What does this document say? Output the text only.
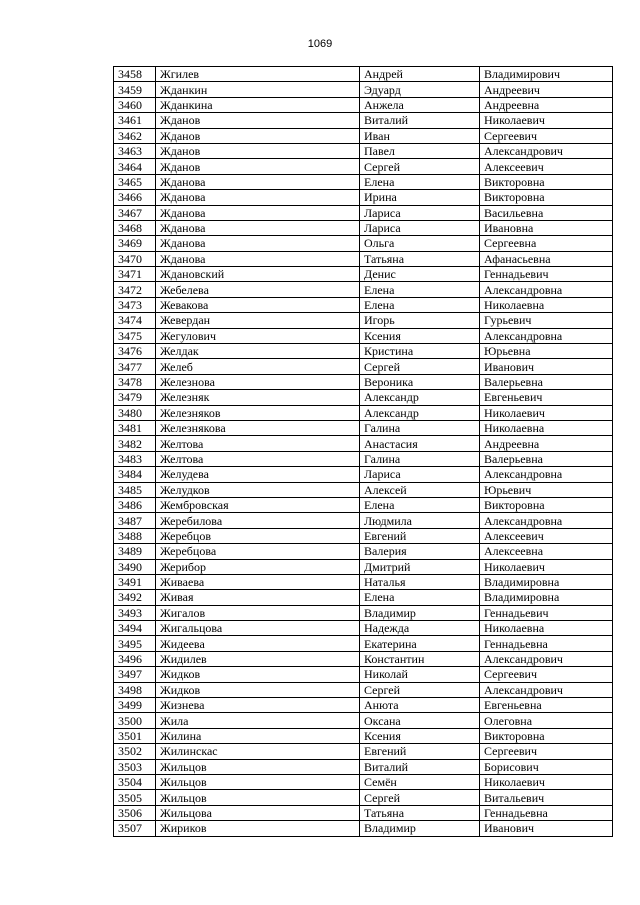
1069
3458	Жгилев	Андрей	Владимирович
3459	Жданкин	Эдуард	Андреевич
3460	Жданкина	Анжела	Андреевна
3461	Жданов	Виталий	Николаевич
3462	Жданов	Иван	Сергеевич
3463	Жданов	Павел	Александрович
3464	Жданов	Сергей	Алексеевич
3465	Жданова	Елена	Викторовна
3466	Жданова	Ирина	Викторовна
3467	Жданова	Лариса	Васильевна
3468	Жданова	Лариса	Ивановна
3469	Жданова	Ольга	Сергеевна
3470	Жданова	Татьяна	Афанасьевна
3471	Ждановский	Денис	Геннадьевич
3472	Жебелева	Елена	Александровна
3473	Жевакова	Елена	Николаевна
3474	Жевердан	Игорь	Гурьевич
3475	Жегулович	Ксения	Александровна
3476	Желдак	Кристина	Юрьевна
3477	Желеб	Сергей	Иванович
3478	Железнова	Вероника	Валерьевна
3479	Железняк	Александр	Евгеньевич
3480	Железняков	Александр	Николаевич
3481	Железнякова	Галина	Николаевна
3482	Желтова	Анастасия	Андреевна
3483	Желтова	Галина	Валерьевна
3484	Желудева	Лариса	Александровна
3485	Желудков	Алексей	Юрьевич
3486	Жембровская	Елена	Викторовна
3487	Жеребилова	Людмила	Александровна
3488	Жеребцов	Евгений	Алексеевич
3489	Жеребцова	Валерия	Алексеевна
3490	Жерибор	Дмитрий	Николаевич
3491	Живаева	Наталья	Владимировна
3492	Живая	Елена	Владимировна
3493	Жигалов	Владимир	Геннадьевич
3494	Жигальцова	Надежда	Николаевна
3495	Жидеева	Екатерина	Геннадьевна
3496	Жидилев	Константин	Александрович
3497	Жидков	Николай	Сергеевич
3498	Жидков	Сергей	Александрович
3499	Жизнева	Анюта	Евгеньевна
3500	Жила	Оксана	Олеговна
3501	Жилина	Ксения	Викторовна
3502	Жилинскас	Евгений	Сергеевич
3503	Жильцов	Виталий	Борисович
3504	Жильцов	Семён	Николаевич
3505	Жильцов	Сергей	Витальевич
3506	Жильцова	Татьяна	Геннадьевна
3507	Жириков	Владимир	Иванович
